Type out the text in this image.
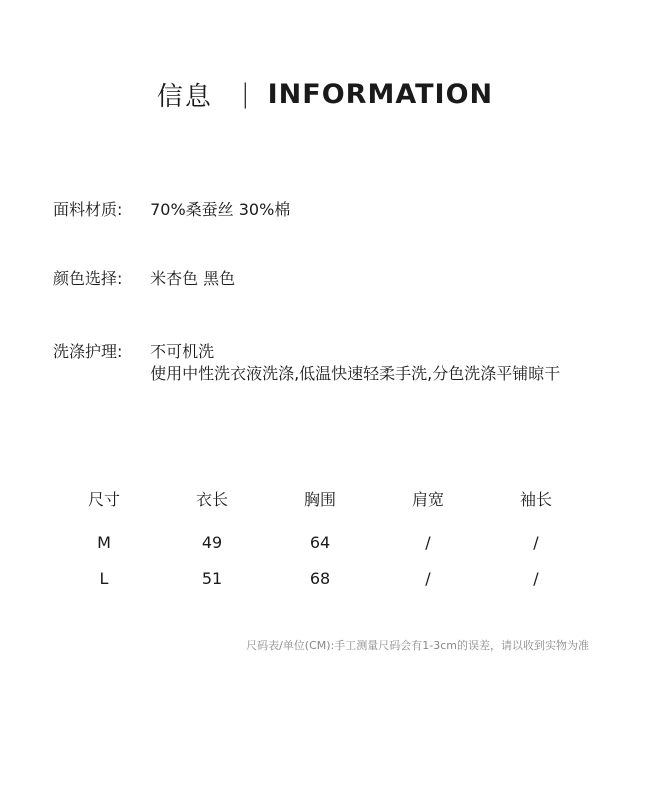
信息 | INFORMATION
面料材质: 70%桑蚕丝 30%棉
颜色选择: 米杏色 黑色
洗涤护理: 不可机洗
使用中性洗衣液洗涤,低温快速轻柔手洗,分色洗涤平铺晾干
尺寸	衣长	胸围	肩宽	袖长
M	49	64	/	/
L	51	68	/	/
尺码表/单位(CM):手工测量尺码会有1-3cm的误差，请以收到实物为准
